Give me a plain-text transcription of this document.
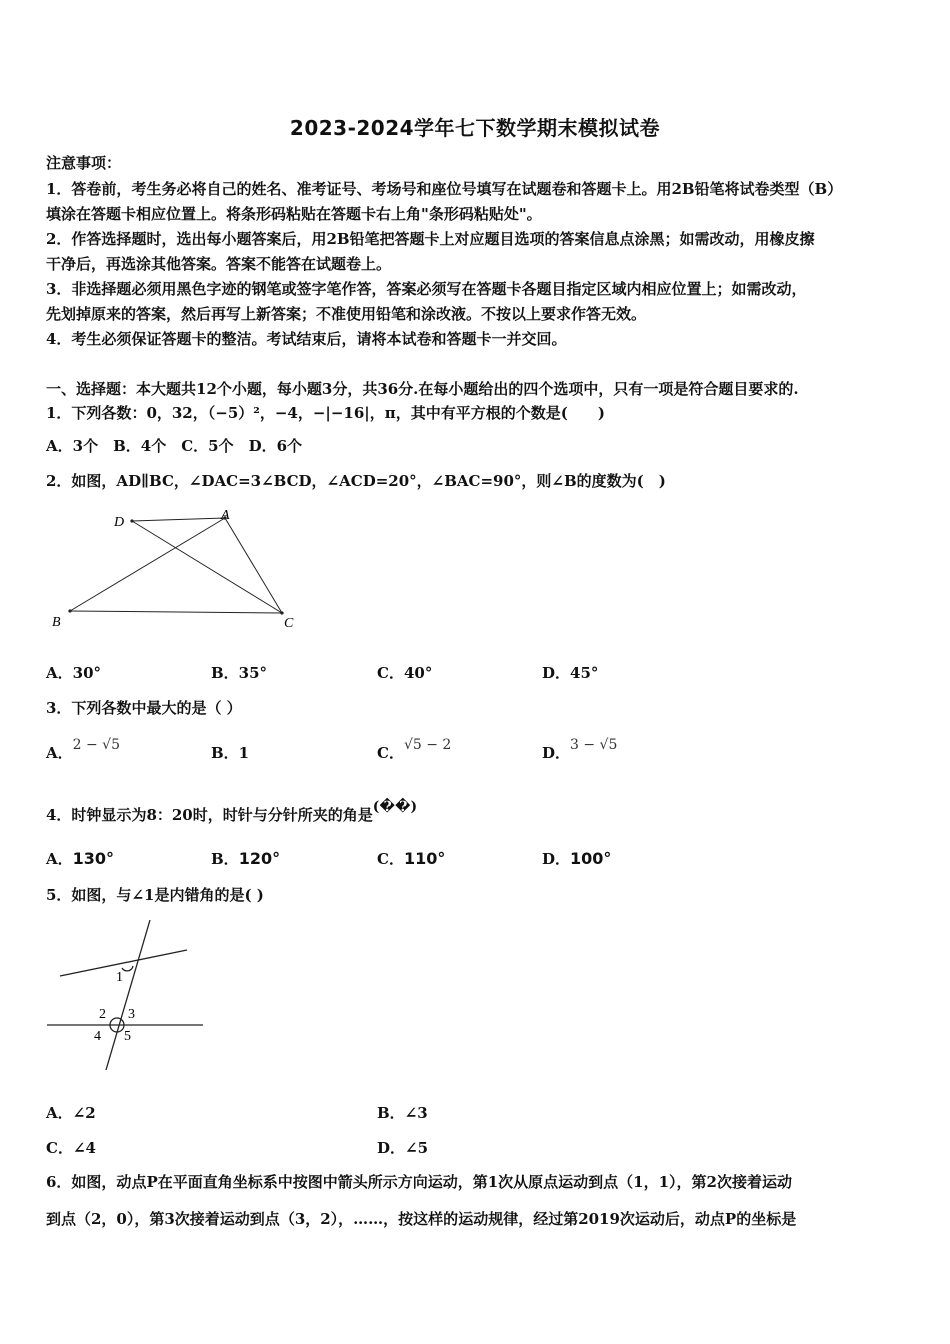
2023-2024学年七下数学期末模拟试卷
注意事项：
1．答卷前，考生务必将自己的姓名、准考证号、考场号和座位号填写在试题卷和答题卡上。用2B铅笔将试卷类型（B）
填涂在答题卡相应位置上。将条形码粘贴在答题卡右上角"条形码粘贴处"。
2．作答选择题时，选出每小题答案后，用2B铅笔把答题卡上对应题目选项的答案信息点涂黑；如需改动，用橡皮擦
干净后，再选涂其他答案。答案不能答在试题卷上。
3．非选择题必须用黑色字迹的钢笔或签字笔作答，答案必须写在答题卡各题目指定区域内相应位置上；如需改动，
先划掉原来的答案，然后再写上新答案；不准使用铅笔和涂改液。不按以上要求作答无效。
4．考生必须保证答题卡的整洁。考试结束后，请将本试卷和答题卡一并交回。
一、选择题：本大题共12个小题，每小题3分，共36分.在每小题给出的四个选项中，只有一项是符合题目要求的.
1．下列各数：0，32，（−5）²，−4，−|−16|，π，其中有平方根的个数是(　　)
A．3个　B．4个　C．5个　D．6个
2．如图，AD∥BC，∠DAC=3∠BCD，∠ACD=20°，∠BAC=90°，则∠B的度数为(　)
D	A
B	C
A．30°	B．35°	C．40°	D．45°
3．下列各数中最大的是（ ）
A．2 − √5	B．1	C．√5 − 2	D．3 − √5
4．时钟显示为8：20时，时针与分针所夹的角是(��)
A．130°	B．120°	C．110°	D．100°
5．如图，与∠1是内错角的是( )
1
2 3
4 5
A．∠2	B．∠3
C．∠4	D．∠5
6．如图，动点P在平面直角坐标系中按图中箭头所示方向运动，第1次从原点运动到点（1，1），第2次接着运动
到点（2，0），第3次接着运动到点（3，2），……，按这样的运动规律，经过第2019次运动后，动点P的坐标是
